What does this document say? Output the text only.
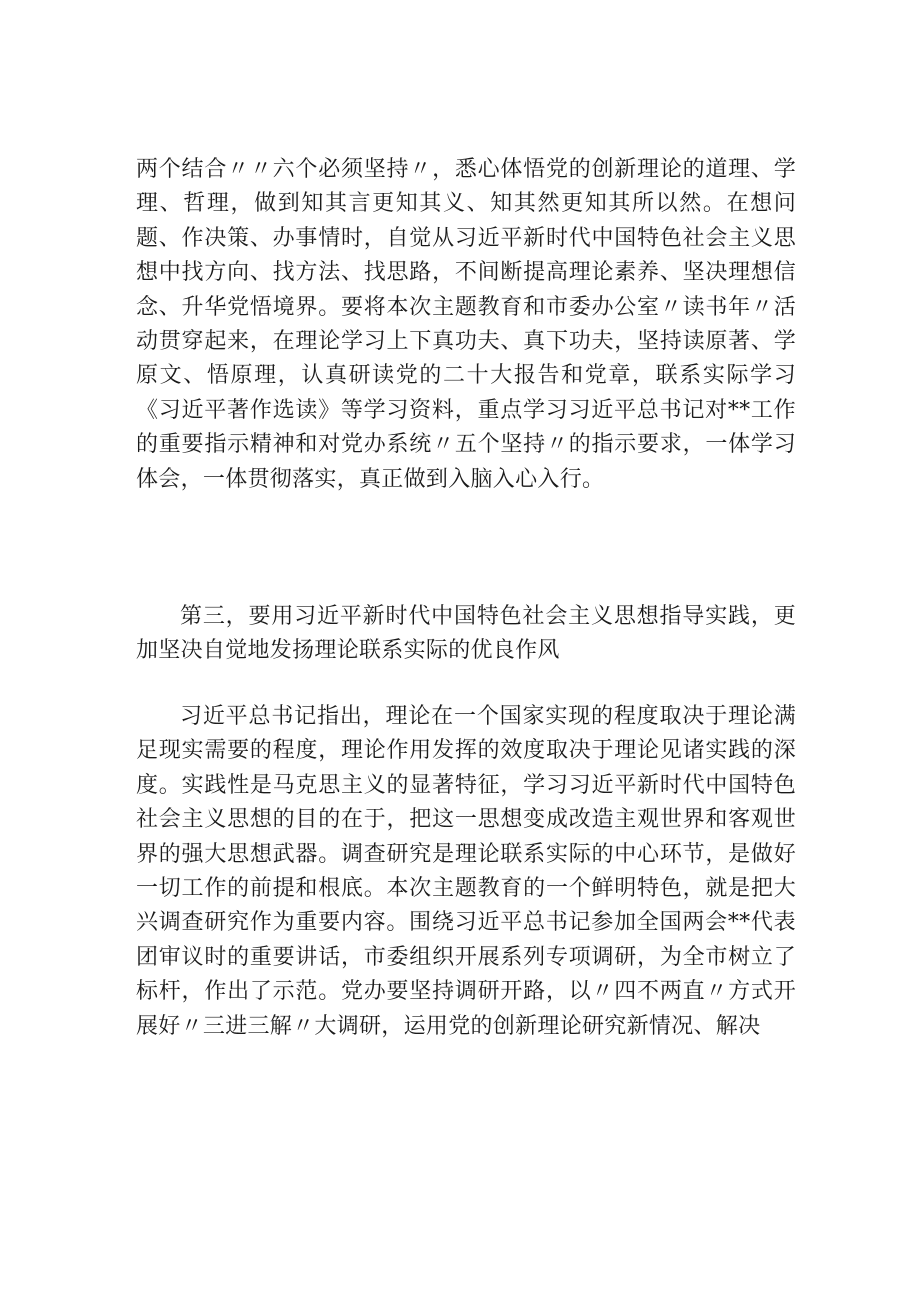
两个结合〃〃六个必须坚持〃，悉心体悟党的创新理论的道理、学理、哲理，做到知其言更知其义、知其然更知其所以然。在想问题、作决策、办事情时，自觉从习近平新时代中国特色社会主义思想中找方向、找方法、找思路，不间断提高理论素养、坚决理想信念、升华党悟境界。要将本次主题教育和市委办公室〃读书年〃活动贯穿起来，在理论学习上下真功夫、真下功夫，坚持读原著、学原文、悟原理，认真研读党的二十大报告和党章，联系实际学习《习近平著作选读》等学习资料，重点学习习近平总书记对**工作的重要指示精神和对党办系统〃五个坚持〃的指示要求，一体学习体会，一体贯彻落实，真正做到入脑入心入行。

第三，要用习近平新时代中国特色社会主义思想指导实践，更加坚决自觉地发扬理论联系实际的优良作风

习近平总书记指出，理论在一个国家实现的程度取决于理论满足现实需要的程度，理论作用发挥的效度取决于理论见诸实践的深度。实践性是马克思主义的显著特征，学习习近平新时代中国特色社会主义思想的目的在于，把这一思想变成改造主观世界和客观世界的强大思想武器。调查研究是理论联系实际的中心环节，是做好一切工作的前提和根底。本次主题教育的一个鲜明特色，就是把大兴调查研究作为重要内容。围绕习近平总书记参加全国两会**代表团审议时的重要讲话，市委组织开展系列专项调研，为全市树立了标杆，作出了示范。党办要坚持调研开路，以〃四不两直〃方式开展好〃三进三解〃大调研，运用党的创新理论研究新情况、解决
